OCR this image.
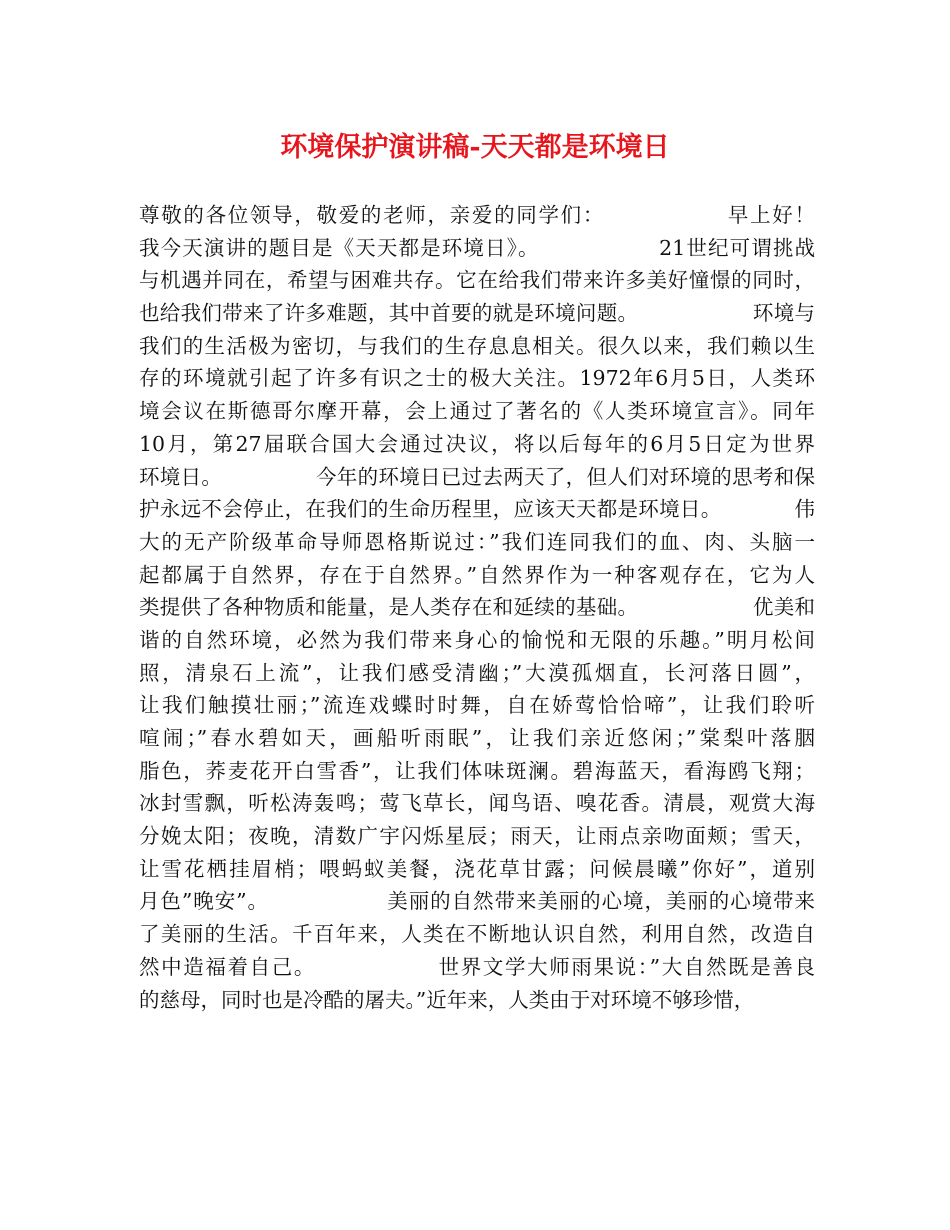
环境保护演讲稿-天天都是环境日
尊敬的各位领导，敬爱的老师，亲爱的同学们：　　　　　　早上好！
我今天演讲的题目是《天天都是环境日》。　　　　　　21世纪可谓挑战
与机遇并同在，希望与困难共存。它在给我们带来许多美好憧憬的同时，
也给我们带来了许多难题，其中首要的就是环境问题。　　　　　　环境与
我们的生活极为密切，与我们的生存息息相关。很久以来，我们赖以生
存的环境就引起了许多有识之士的极大关注。1972年6月5日，人类环
境会议在斯德哥尔摩开幕，会上通过了著名的《人类环境宣言》。同年
10月，第27届联合国大会通过决议，将以后每年的6月5日定为世界
环境日。　　　　　今年的环境日已过去两天了，但人们对环境的思考和保
护永远不会停止，在我们的生命历程里，应该天天都是环境日。　　　　伟
大的无产阶级革命导师恩格斯说过：”我们连同我们的血、肉、头脑一
起都属于自然界，存在于自然界。”自然界作为一种客观存在，它为人
类提供了各种物质和能量，是人类存在和延续的基础。　　　　　　优美和
谐的自然环境，必然为我们带来身心的愉悦和无限的乐趣。”明月松间
照，清泉石上流”，让我们感受清幽；”大漠孤烟直，长河落日圆”，
让我们触摸壮丽；”流连戏蝶时时舞，自在娇莺恰恰啼”，让我们聆听
喧闹；”春水碧如天，画船听雨眠”，让我们亲近悠闲；”棠梨叶落胭
脂色，荞麦花开白雪香”，让我们体味斑澜。碧海蓝天，看海鸥飞翔；
冰封雪飘，听松涛轰鸣；莺飞草长，闻鸟语、嗅花香。清晨，观赏大海
分娩太阳；夜晚，清数广宇闪烁星辰；雨天，让雨点亲吻面颊；雪天，
让雪花栖挂眉梢；喂蚂蚁美餐，浇花草甘露；问候晨曦”你好”，道别
月色”晚安”。　　　　　　美丽的自然带来美丽的心境，美丽的心境带来
了美丽的生活。千百年来，人类在不断地认识自然，利用自然，改造自
然中造福着自己。　　　　　　世界文学大师雨果说：”大自然既是善良
的慈母，同时也是冷酷的屠夫。”近年来，人类由于对环境不够珍惜，
